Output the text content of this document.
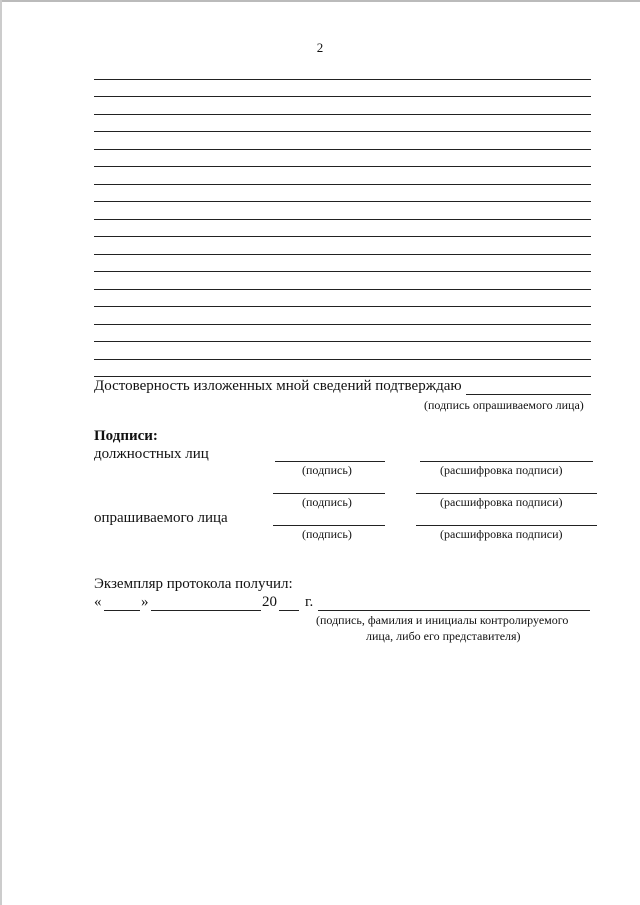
2
Достоверность изложенных мной сведений подтверждаю
(подпись опрашиваемого лица)
Подписи:
должностных лиц
(подпись)	(расшифровка подписи)
(подпись)	(расшифровка подписи)
опрашиваемого лица
(подпись)	(расшифровка подписи)
Экземпляр протокола получил:
«	»	20 г.
(подпись, фамилия и инициалы контролируемого
лица, либо его представителя)
